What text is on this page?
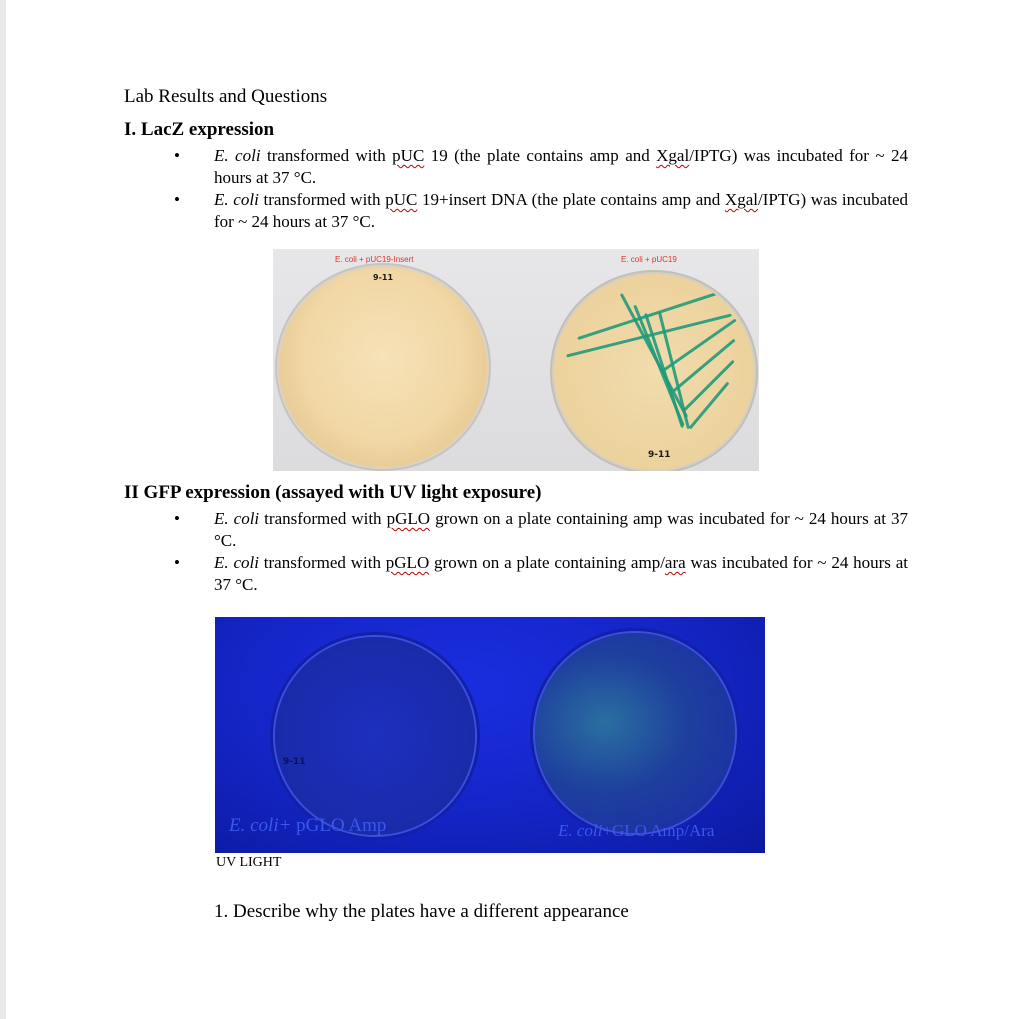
Lab Results and Questions
I. LacZ expression
• E. coli transformed with pUC 19 (the plate contains amp and Xgal/IPTG) was incubated for ~ 24 hours at 37 °C.
• E. coli transformed with pUC 19+insert DNA (the plate contains amp and Xgal/IPTG) was incubated for ~ 24 hours at 37 °C.
E. coli + pUC19-Insert	E. coli + pUC19
9-11
9-11
II GFP expression (assayed with UV light exposure)
• E. coli transformed with pGLO grown on a plate containing amp was incubated for ~ 24 hours at 37 °C.
• E. coli transformed with pGLO grown on a plate containing amp/ara was incubated for ~ 24 hours at 37 °C.
9-11
E. coli+ pGLO Amp	E. coli+GLO Amp/Ara
UV LIGHT
1. Describe why the plates have a different appearance
